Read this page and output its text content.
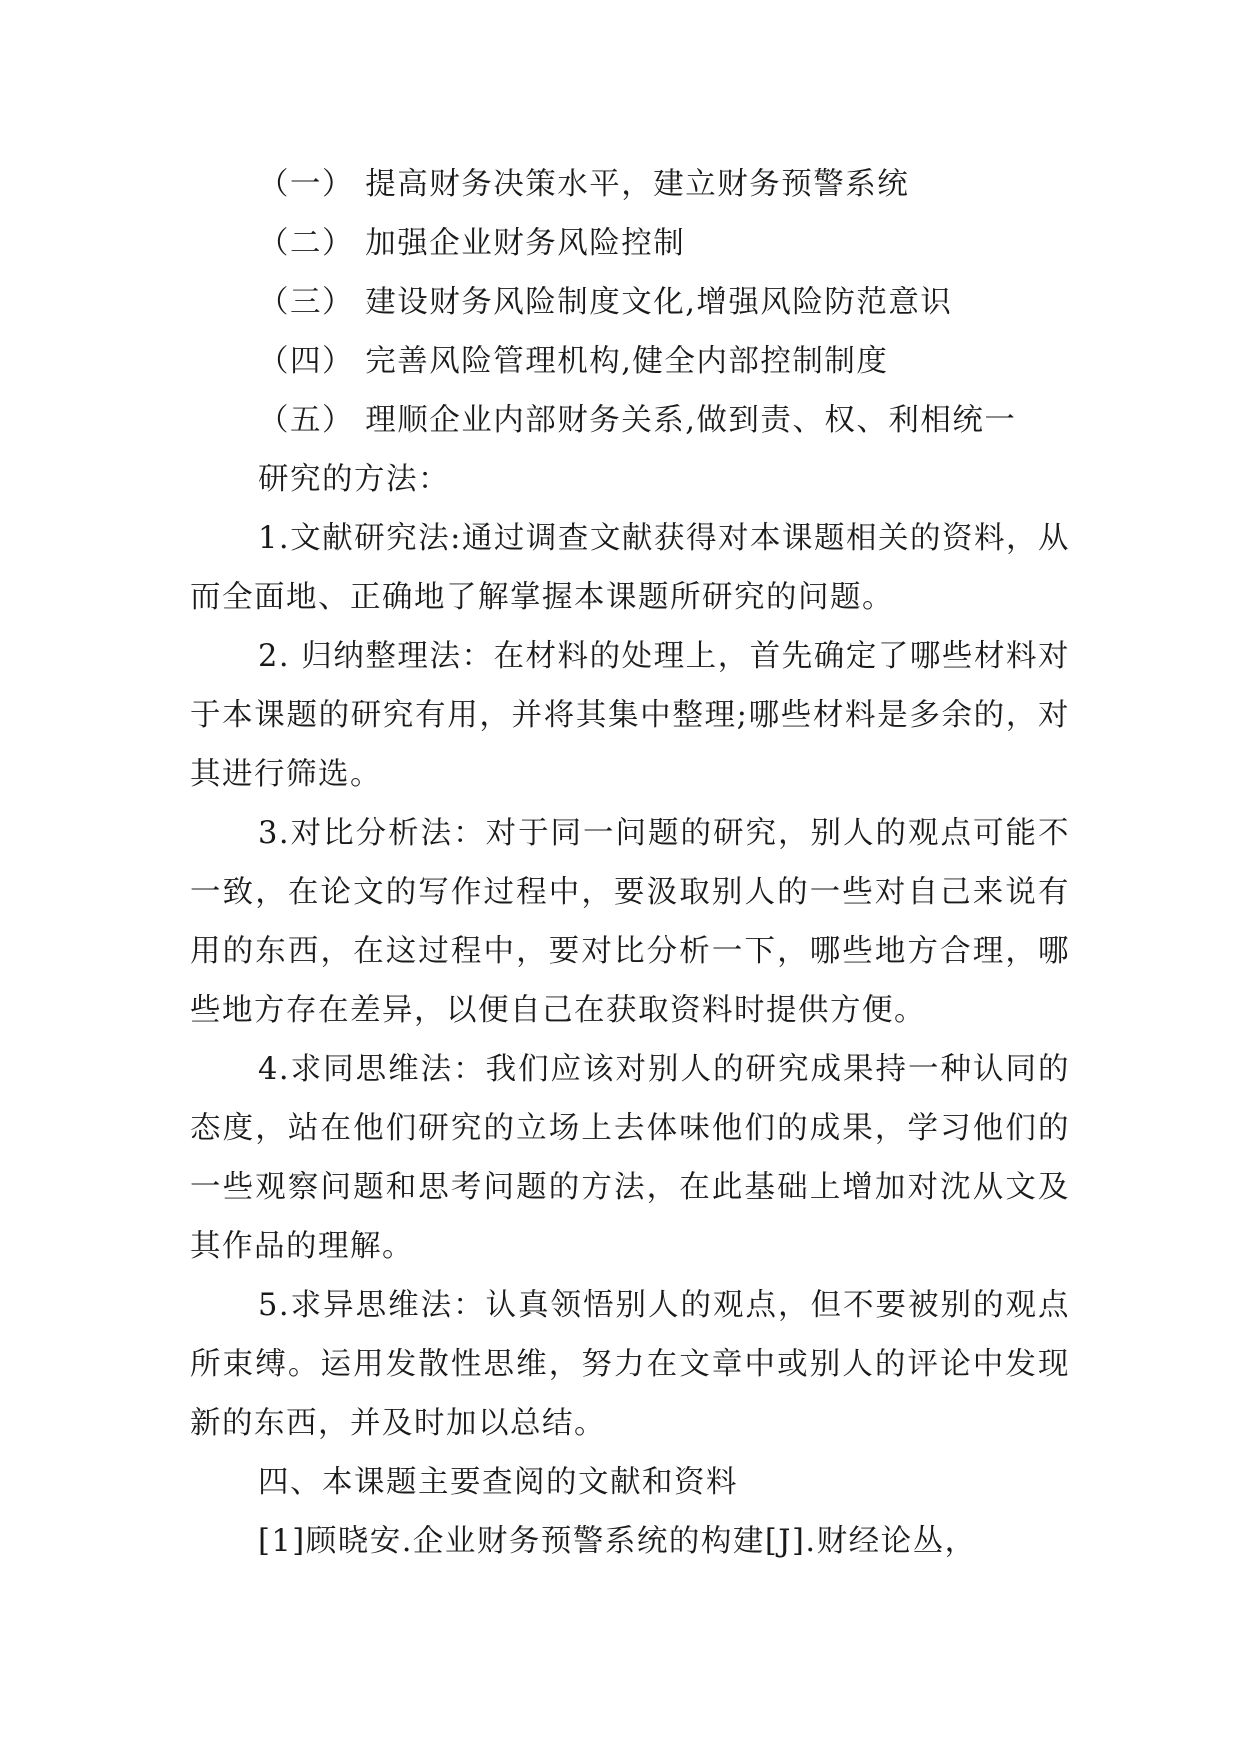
（一） 提高财务决策水平，建立财务预警系统

（二） 加强企业财务风险控制

（三） 建设财务风险制度文化,增强风险防范意识

（四） 完善风险管理机构,健全内部控制制度

（五） 理顺企业内部财务关系,做到责、权、利相统一

研究的方法：

1.文献研究法:通过调查文献获得对本课题相关的资料，从而全面地、正确地了解掌握本课题所研究的问题。

2. 归纳整理法：在材料的处理上，首先确定了哪些材料对于本课题的研究有用，并将其集中整理;哪些材料是多余的，对其进行筛选。

3.对比分析法：对于同一问题的研究，别人的观点可能不一致，在论文的写作过程中，要汲取别人的一些对自己来说有用的东西，在这过程中，要对比分析一下，哪些地方合理，哪些地方存在差异，以便自己在获取资料时提供方便。

4.求同思维法：我们应该对别人的研究成果持一种认同的态度，站在他们研究的立场上去体味他们的成果，学习他们的一些观察问题和思考问题的方法，在此基础上增加对沈从文及其作品的理解。

5.求异思维法：认真领悟别人的观点，但不要被别的观点所束缚。运用发散性思维，努力在文章中或别人的评论中发现新的东西，并及时加以总结。

四、本课题主要查阅的文献和资料

[1]顾晓安.企业财务预警系统的构建[J].财经论丛，
